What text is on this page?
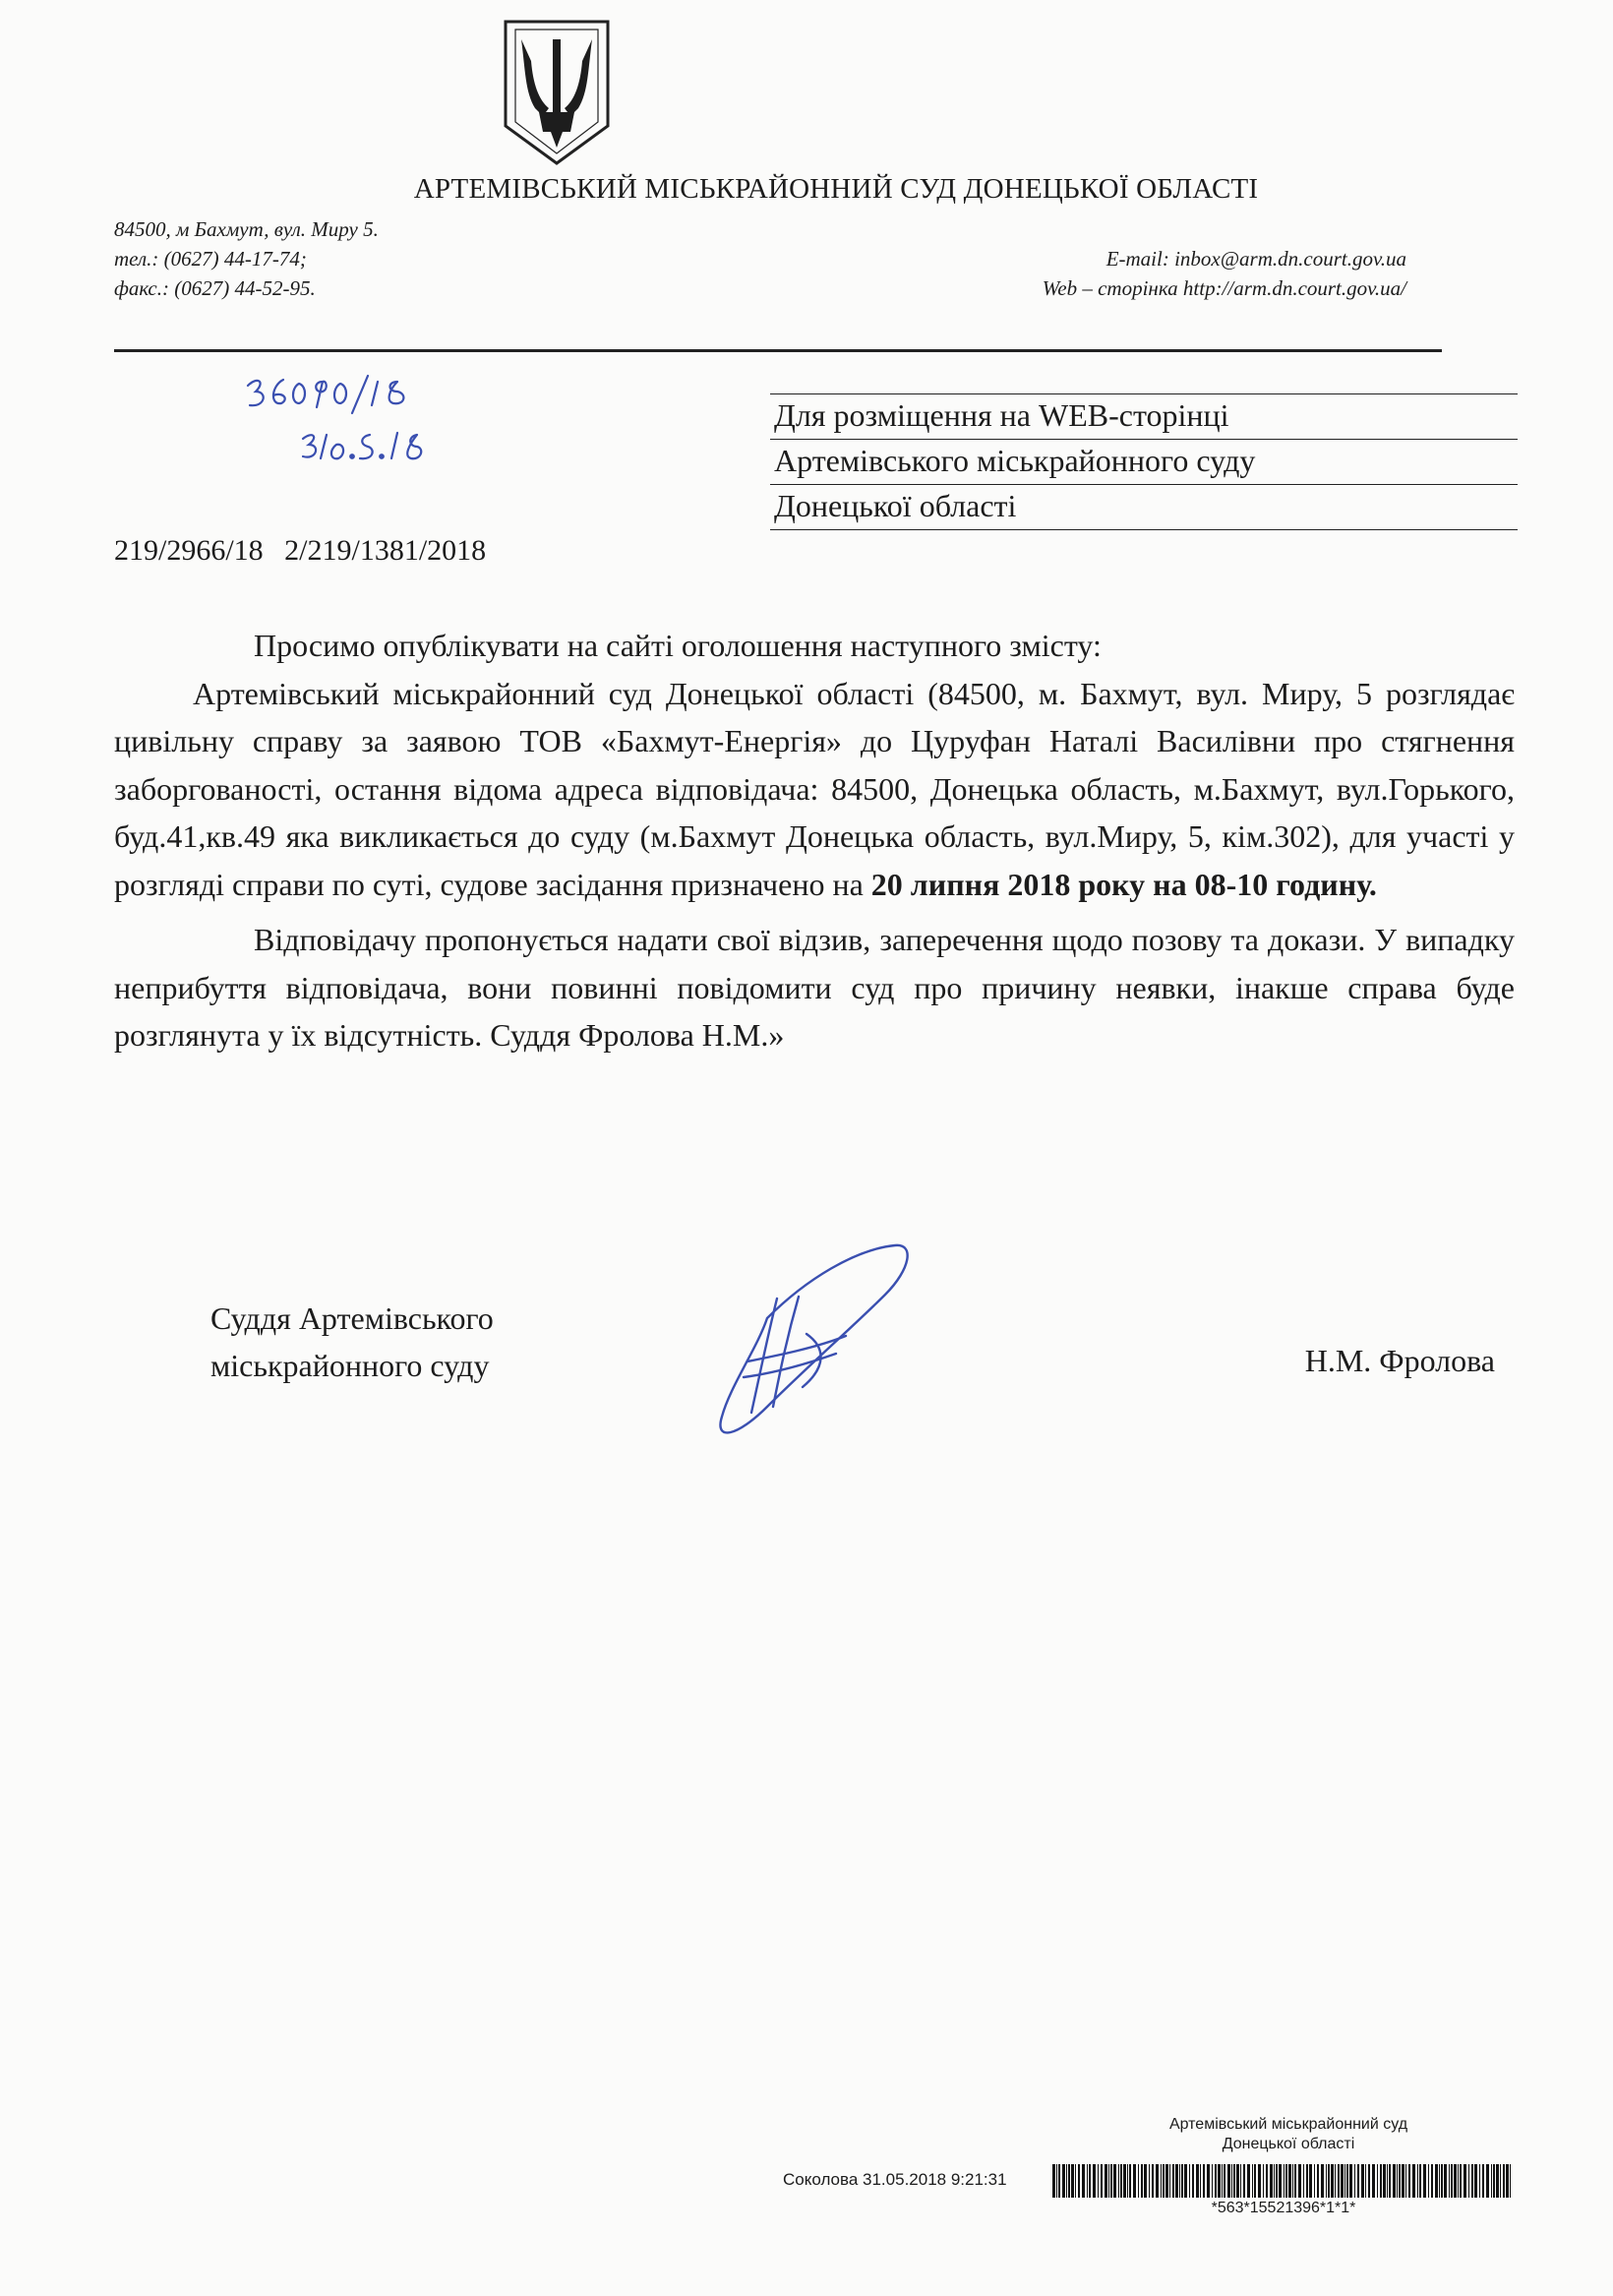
АРТЕМІВСЬКИЙ МІСЬКРАЙОННИЙ СУД ДОНЕЦЬКОЇ ОБЛАСТІ
84500, м Бахмут, вул. Миру 5.
тел.: (0627) 44-17-74;
факс.: (0627) 44-52-95.
E-mail: inbox@arm.dn.court.gov.ua
Web – сторінка http://arm.dn.court.gov.ua/
Для розміщення на WEB-сторінці
Артемівського міськрайонного суду
Донецької області
219/2966/18 2/219/1381/2018

Просимо опублікувати на сайті оголошення наступного змісту:

Артемівський міськрайонний суд Донецької області (84500, м. Бахмут, вул. Миру, 5 розглядає цивільну справу за заявою ТОВ «Бахмут-Енергія» до Цуруфан Наталі Василівни про стягнення заборгованості, остання відома адреса відповідача: 84500, Донецька область, м.Бахмут, вул.Горького, буд.41,кв.49 яка викликається до суду (м.Бахмут Донецька область, вул.Миру, 5, кім.302), для участі у розгляді справи по суті, судове засідання призначено на 20 липня 2018 року на 08-10 годину.

Відповідачу пропонується надати свої відзив, заперечення щодо позову та докази. У випадку неприбуття відповідача, вони повинні повідомити суд про причину неявки, інакше справа буде розглянута у їх відсутність. Суддя Фролова Н.М.»

Суддя Артемівського
міськрайонного суду	Н.М. Фролова
Артемівський міськрайонний суд
Донецької області
Соколова 31.05.2018 9:21:31
*563*15521396*1*1*
